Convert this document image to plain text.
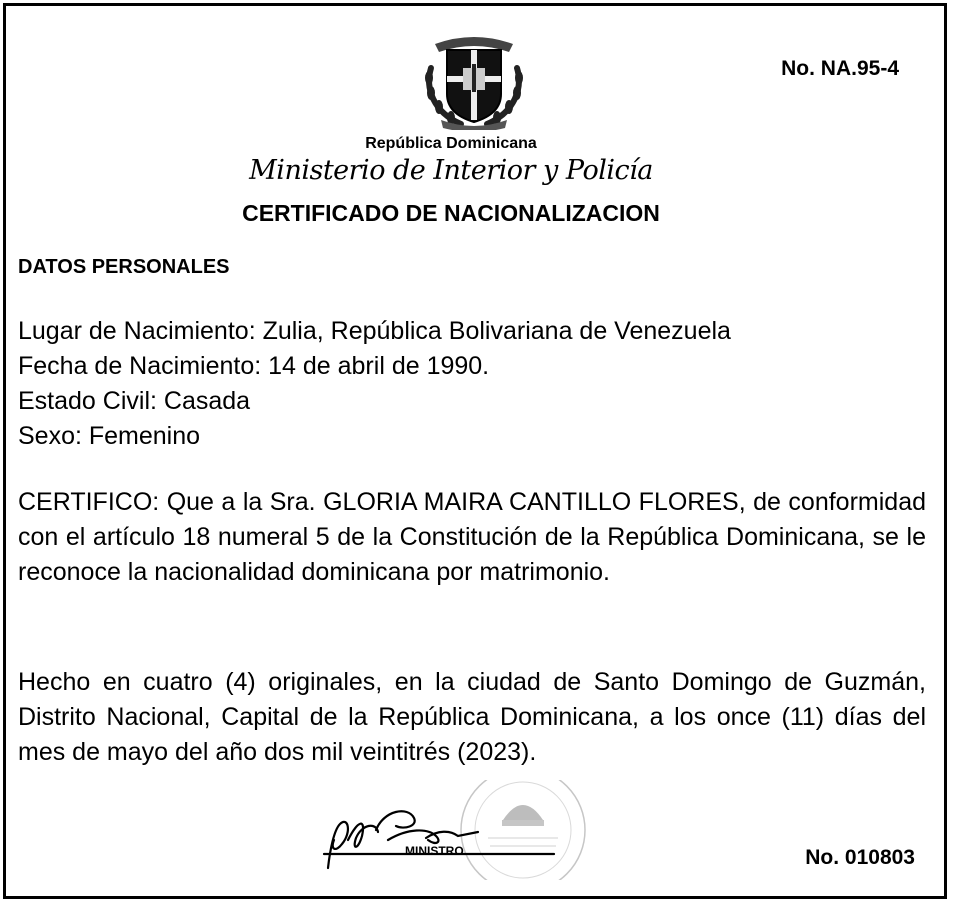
No. NA.95-4
República Dominicana
Ministerio de Interior y Policía
CERTIFICADO DE NACIONALIZACION
DATOS PERSONALES
Lugar de Nacimiento: Zulia, República Bolivariana de Venezuela
Fecha de Nacimiento: 14 de abril de 1990.
Estado Civil: Casada
Sexo: Femenino
CERTIFICO: Que a la Sra. GLORIA MAIRA CANTILLO FLORES, de conformidad con el artículo 18 numeral 5 de la Constitución de la República Dominicana, se le reconoce la nacionalidad dominicana por matrimonio.
Hecho en cuatro (4) originales, en la ciudad de Santo Domingo de Guzmán, Distrito Nacional, Capital de la República Dominicana, a los once (11) días del mes de mayo del año dos mil veintitrés (2023).
MINISTRO	No. 010803
